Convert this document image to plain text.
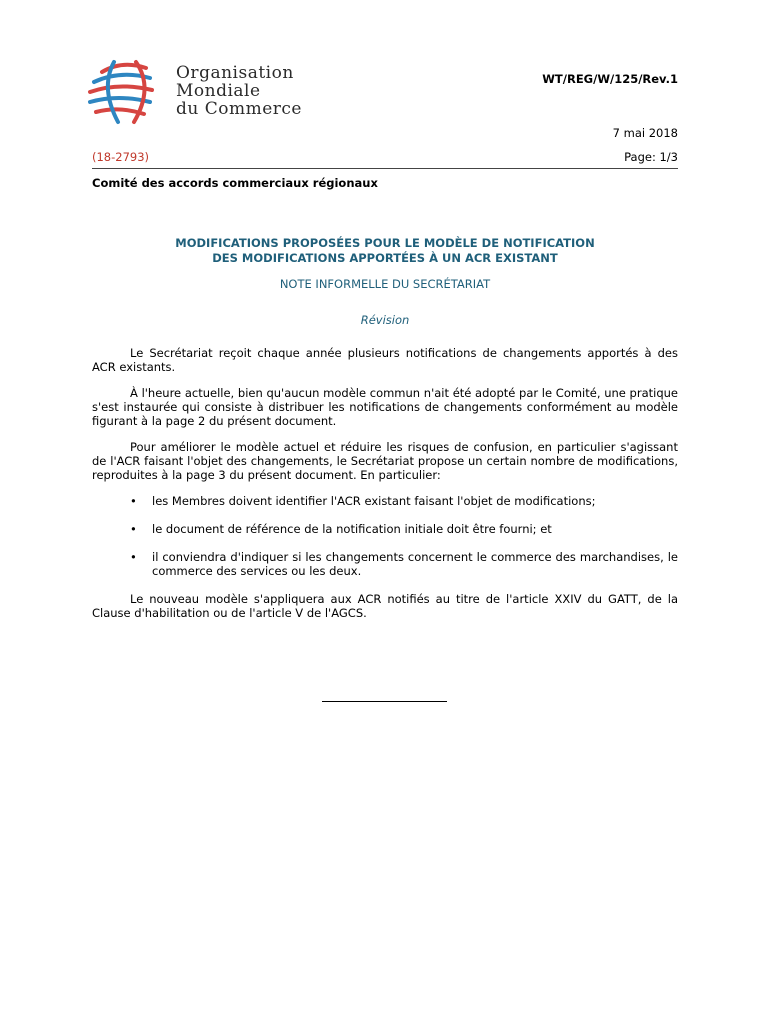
Organisation
Mondiale
du Commerce
WT/REG/W/125/Rev.1
7 mai 2018
(18-2793)	Page: 1/3
Comité des accords commerciaux régionaux
MODIFICATIONS PROPOSÉES POUR LE MODÈLE DE NOTIFICATION
DES MODIFICATIONS APPORTÉES À UN ACR EXISTANT
NOTE INFORMELLE DU SECRÉTARIAT
Révision

Le Secrétariat reçoit chaque année plusieurs notifications de changements apportés à des ACR existants.

À l'heure actuelle, bien qu'aucun modèle commun n'ait été adopté par le Comité, une pratique s'est instaurée qui consiste à distribuer les notifications de changements conformément au modèle figurant à la page 2 du présent document.

Pour améliorer le modèle actuel et réduire les risques de confusion, en particulier s'agissant de l'ACR faisant l'objet des changements, le Secrétariat propose un certain nombre de modifications, reproduites à la page 3 du présent document. En particulier:

• les Membres doivent identifier l'ACR existant faisant l'objet de modifications;
• le document de référence de la notification initiale doit être fourni; et
• il conviendra d'indiquer si les changements concernent le commerce des marchandises, le commerce des services ou les deux.

Le nouveau modèle s'appliquera aux ACR notifiés au titre de l'article XXIV du GATT, de la Clause d'habilitation ou de l'article V de l'AGCS.
